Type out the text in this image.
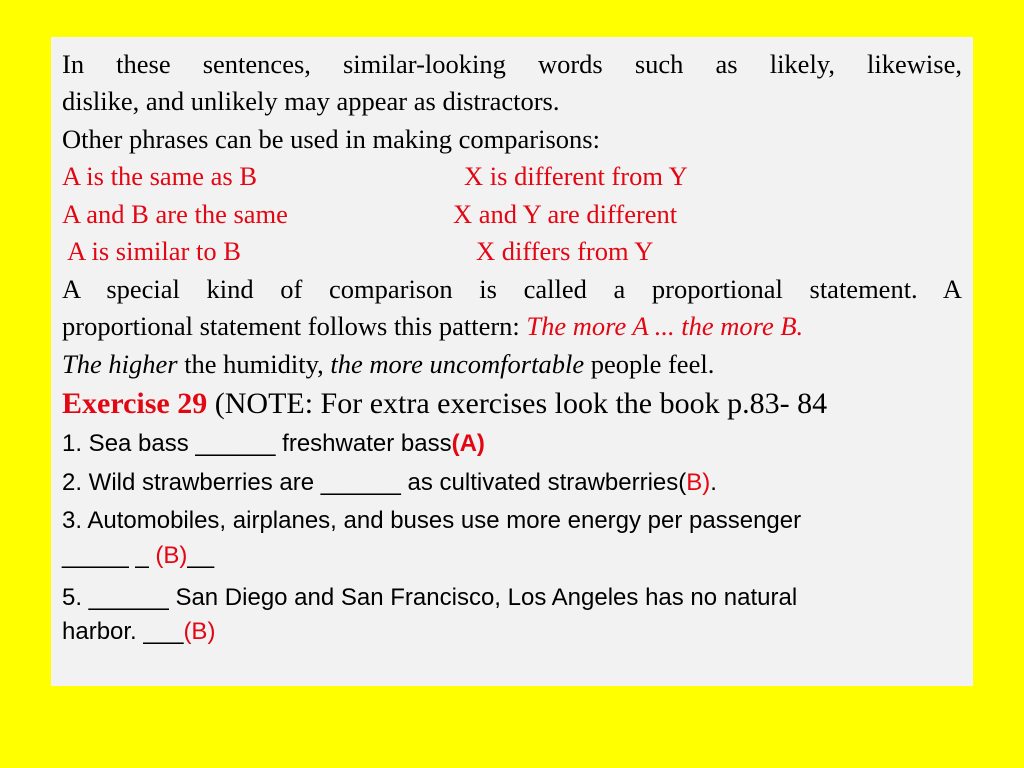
In these sentences, similar-looking words such as likely, likewise,
dislike, and unlikely may appear as distractors.
Other phrases can be used in making comparisons:
A is the same as B	X is different from Y
A and B are the same	X and Y are different
A is similar to B	X differs from Y
A special kind of comparison is called a proportional statement. A
proportional statement follows this pattern: The more A ... the more B.
The higher the humidity, the more uncomfortable people feel.
Exercise 29 (NOTE: For extra exercises look the book p.83- 84
1. Sea bass ______ freshwater bass(A)
2. Wild strawberries are ______ as cultivated strawberries(B).
3. Automobiles, airplanes, and buses use more energy per passenger
_____ _ (B)__
5. ______ San Diego and San Francisco, Los Angeles has no natural
harbor. ___(B)
